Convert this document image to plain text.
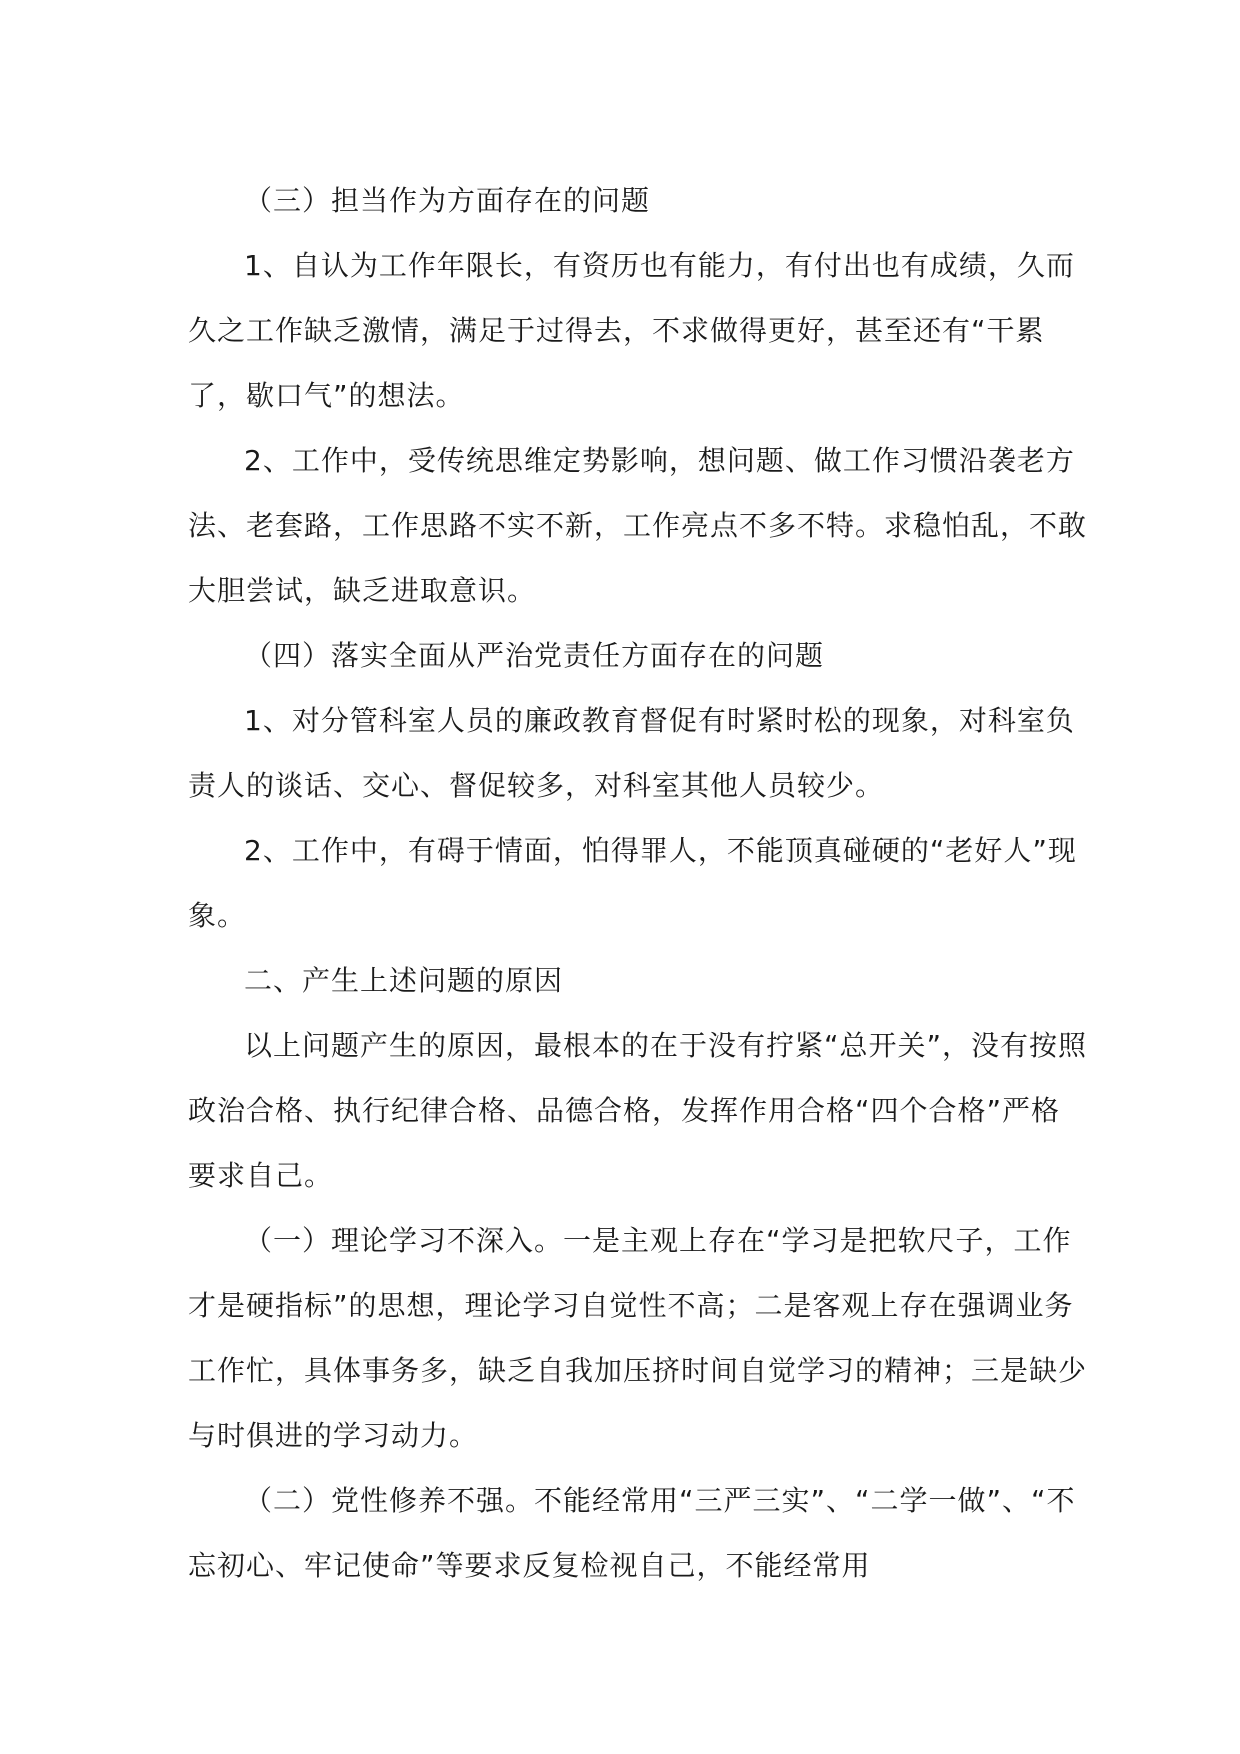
（三）担当作为方面存在的问题

1、自认为工作年限长，有资历也有能力，有付出也有成绩，久而久之工作缺乏激情，满足于过得去，不求做得更好，甚至还有“干累了，歇口气”的想法。

2、工作中，受传统思维定势影响，想问题、做工作习惯沿袭老方法、老套路，工作思路不实不新，工作亮点不多不特。求稳怕乱，不敢大胆尝试，缺乏进取意识。

（四）落实全面从严治党责任方面存在的问题

1、对分管科室人员的廉政教育督促有时紧时松的现象，对科室负责人的谈话、交心、督促较多，对科室其他人员较少。

2、工作中，有碍于情面，怕得罪人，不能顶真碰硬的“老好人”现象。

二、产生上述问题的原因

以上问题产生的原因，最根本的在于没有拧紧“总开关”，没有按照政治合格、执行纪律合格、品德合格，发挥作用合格“四个合格”严格要求自己。

（一）理论学习不深入。一是主观上存在“学习是把软尺子，工作才是硬指标”的思想，理论学习自觉性不高；二是客观上存在强调业务工作忙，具体事务多，缺乏自我加压挤时间自觉学习的精神；三是缺少与时俱进的学习动力。

（二）党性修养不强。不能经常用“三严三实”、“二学一做”、“不忘初心、牢记使命”等要求反复检视自己，不能经常用
